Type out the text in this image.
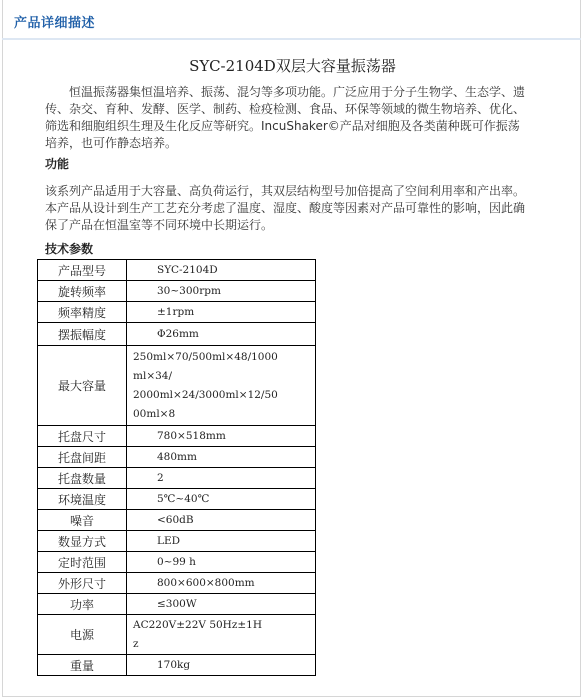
产品详细描述
SYC-2104D双层大容量振荡器

恒温振荡器集恒温培养、振荡、混匀等多项功能。广泛应用于分子生物学、生态学、遗传、杂交、育种、发酵、医学、制药、检疫检测、食品、环保等领域的微生物培养、优化、筛选和细胞组织生理及生化反应等研究。IncuShaker©产品对细胞及各类菌种既可作振荡培养，也可作静态培养。

功能

该系列产品适用于大容量、高负荷运行，其双层结构型号加倍提高了空间利用率和产出率。本产品从设计到生产工艺充分考虑了温度、湿度、酸度等因素对产品可靠性的影响，因此确保了产品在恒温室等不同环境中长期运行。

技术参数
产品型号	SYC-2104D
旋转频率	30~300rpm
频率精度	±1rpm
摆振幅度	Φ26mm
最大容量	250ml×70/500ml×48/1000
ml×34/
2000ml×24/3000ml×12/50
00ml×8

托盘尺寸	780×518mm
托盘间距	480mm
托盘数量	2
环境温度	5℃~40℃
噪音	<60dB
数显方式	LED
定时范围	0~99 h
外形尺寸	800×600×800mm
功率	≤300W
电源	AC220V±22V 50Hz±1H
z

重量	170kg
